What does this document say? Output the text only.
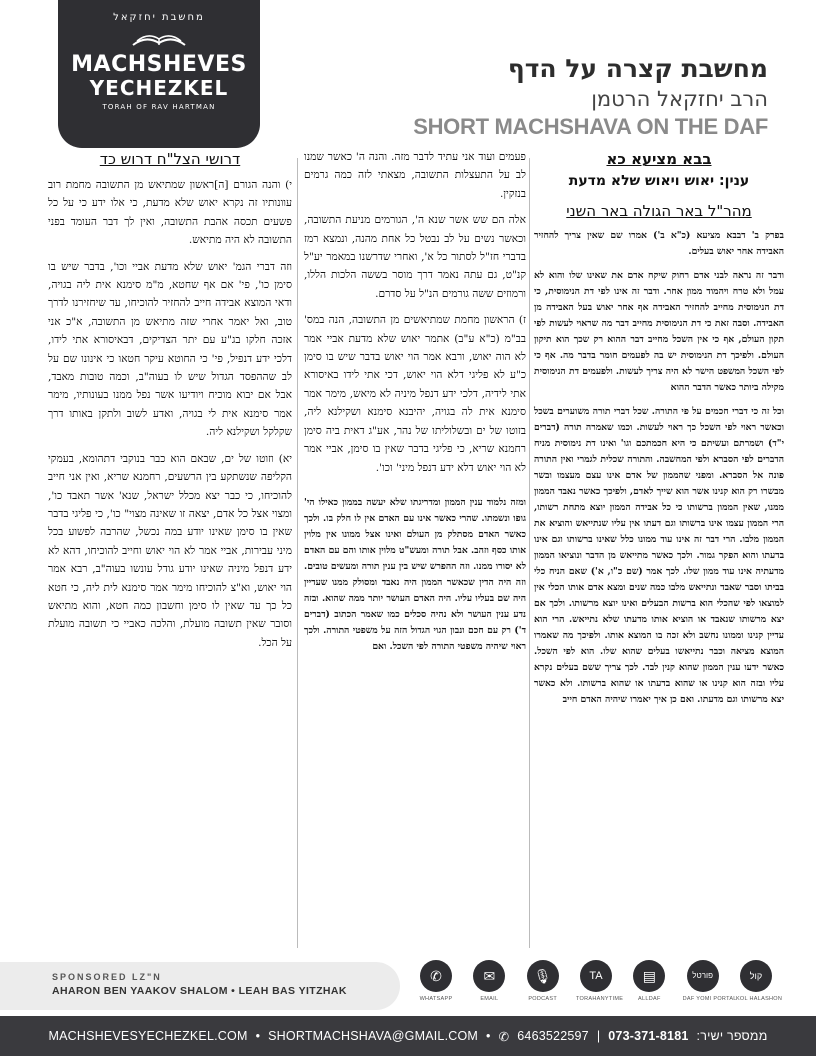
מחשבת יחזקאל
MACHSHEVES
YECHEZKEL
TORAH OF RAV HARTMAN
מחשבת קצרה על הדף
הרב יחזקאל הרטמן
SHORT MACHSHAVA ON THE DAF
בבא מציעא כא
ענין: יאוש ויאוש שלא מדעת
מהר"ל באר הגולה באר השני
בפרק ב' דבבא מציעא (כ"א ב') אמרו שם שאין צריך להחזיר האבידה אחר יאוש בעלים.
ודבר זה נראה לבני אדם רחוק שיקח אדם את שאינו שלו והוא לא עמל ולא טרח ויהמוד ממון אחר. ודבר זה אינו לפי דת הנימוסית, כי דת הנימוסית מחייב להחזיר האבידה אף אחר יאוש בעל האבידה מן האבידה. וסבה זאת כי דת הנימוסית מחייב דבר מה שראוי לעשות לפי תקון העולם, אף כי אין השכל מחייב דבר ההוא רק שכך הוא תיקון העולם. ולפיכך דת הנימוסית יש בה לפעמים חומר בדבר מה. אף כי לפי השכל המשפט הישר לא היה צריך לעשות. ולפעמים דת הנימוסית מקילה ביותר כאשר הדבר ההוא
וכל זה כי דברי חכמים על פי התורה. שכל דברי תורה משוערים בשכל וכאשר ראוי לפי השכל כך ראוי לעשות. וכמו שאמרה תורה (דברים י"ד) ושמרתם ועשיתם כי היא חכמתכם וגו' ואינו דת נימוסית מניח הדברים לפי הסברא ולפי המחשבה. והתורה שכלית לגמרי ואין התורה פונה אל הסברא. ומפני שהממון של אדם אינו עצם מעצמו ובשר מבשרו רק הוא קנינו אשר הוא שייך לאדם, ולפיכך כאשר נאבד הממון ממנו, שאין הממון ברשותו כי כל אבידה הממון יוצא מתחת רשותו, הרי הממון עצמו אינו ברשותו וגם דעתו אין עליו שנתייאש והוציא את הממון מלבו. הרי דבר זה אינו עוד ממונו כלל שאינו ברשותו וגם אינו בדעתו והוא הפקר גמור. ולכך כאשר מתייאש מן הדבר ונוציאו הממון מדעתיה אינו עוד ממון שלו. לכך אמר (שם כ"ו, א') שאם הניח כלי בביתו וסבר שאבד ונתייאש מלבו כמה שנים ומצא אדם אותו הכלי אין למוצאו לפי שהכלי הוא ברשות הבעלים ואינו יוצא מרשותו. ולכך אם יצא מרשותו שנאבד או הוציא אותו מדעתו שלא נתייאש. הרי הוא עדיין קנינו וממונו נחשב ולא זכה בו המוצא אותו. ולפיכך מה שאמרו המוצא מציאה וכבר נתייאשו בעלים שהוא שלו. הוא לפי השכל. כאשר ידעו ענין הממון שהוא קנין לבד. לכך צריך ששם בעלים נקרא עליו ובזה הוא קנינו או שהוא בדעתו או שהוא ברשותו. ולא כאשר יצא מרשותו וגם מדעתו. ואם כן איך יאמרו שיהיה האדם חייב
פעמים ועוד אני עתיד לדבר מזה. והנה ה' כאשר שמנו לב על התעצלות התשובה, מצאתי לזה כמה גרמים בנזקין.
אלה הם שש אשר שנא ה', הגורמים מניעת התשובה, וכאשר נשים על לב נבטל כל אחת מהנה, ונמצא רמז בדברי חז"ל לסתור כל א', ואחרי שדרשנו במאמר יע"ל קנ"ט, גם עתה נאמר דרך מוסר בששה הלכות הללו, ורמוזים ששה גורמים הנ"ל על סדרם.
ז) הראשון מחמת שמתיאשים מן התשובה, הנה במס' בב"מ (כ"א ע"ב) אתמר יאוש שלא מדעת אביי אמר לא הוה יאוש, ורבא אמר הוי יאוש בדבר שיש בו סימן כ"ע לא פליגי דלא הוי יאוש, דכי אתי לידו באיסורא אתי לידיה, דלכי ידע דנפל מיניה לא מיאש, מימר אמר סימנא אית לה בגויה, יהיבנא סימנא ושקילנא ליה, בזוטו של ים ובשלוליתו של נהר, אע"ג דאית ביה סימן רחמנא שריא, כי פליגי בדבר שאין בו סימן, אביי אמר לא הוי יאוש דלא ידע דנפל מיני' וכו'.
ומזה נלמוד ענין הממון ומדריגתו שלא יעשה בממון כאילו הי' גופו ונשמתו. שהרי כאשר אינו עם האדם אין לו חלק בו. ולכך כאשר האדם מסתלק מן העולם ואינו אצל ממונו אין מלוין אותו כסף וזהב. אבל תורה ומעש"ט מלוין אותו והם עם האדם לא יסורו ממנו. וזה ההפרש שיש בין ענין תורה ומעשים טובים. וזה היה הדין שכאשר הממון היה נאבד ומסולק ממנו שעדיין היה שם בעליו עליו. היה האדם העושר יותר ממה שהוא. ובזה נדע ענין העושר ולא נהיה סכלים כמו שאמר הכתוב (דברים ד') רק עם חכם ונבון הגוי הגדול הזה על משפטי התורה. ולכך ראוי שיהיה משפטי התורה לפי השכל. ואם
דרושי הצל"ח דרוש כד
י) והנה הגורם [ה]ראשון שמתיאש מן התשובה מחמת רוב עוונותיו זה נקרא יאוש שלא מדעת, כי אלו ידע כי על כל פשעים תכסה אהבת התשובה, ואין לך דבר העומד בפני התשובה לא היה מתיאש.
וזה דברי הגמ' יאוש שלא מדעת אביי וכו', בדבר שיש בו סימן כו', פי' אם אף שחטא, מ"מ סימנא אית ליה בגויה, ודאי המוצא אבידה חייב להחזיר להוכיחו, עד שיחזירנו לדרך טוב, ואל יאמר אחרי שזה מתיאש מן התשובה, א"כ אני אזכה חלקו בג"ע עם יתר הצדיקים, דבאיסורא אתי לידו, דלכי ידע דנפיל, פי' כי החוטא עיקר חטאו כי אינונו שם על לב שההפסד הגדול שיש לו בעוה"ב, וכמה טובות מאבד, אבל אם יבוא מוכיח ויודיעו אשר נפל ממנו בעונותיו, מימר אמר סימנא אית לי בגויה, ואדע לשוב ולתקן באותו דרך שקלקל ושקילנא ליה.
יא) וזוטו של ים, שבאם הוא כבר בנוקבי דתהומא, בעמקי הקליפה שנשתקע בין הרשעים, רחמנא שריא, ואין אני חייב להוכיחו, כי כבר יצא מכלל ישראל, שנא' אשר תאבד כו', ומצוי אצל כל אדם, יצאה זו שאינה מצוי" כו', כי פליגי בדבר שאין בו סימן שאינו יודע במה נכשל, שהרבה לפשוע בכל מיני עבירות, אביי אמר לא הוי יאוש וחייב להוכיחו, דהא לא ידע דנפל מיניה שאינו יודע גודל עונשו בעוה"ב, רבא אמר הוי יאוש, וא"צ להוכיחו מימר אמר סימנא לית ליה, כי חטא כל כך עד שאין לו סימן וחשבון כמה חטא, והוא מתיאש וסובר שאין תשובה מועלת, והלכה כאביי כי תשובה מועלת על הכל.
SPONSORED LZ"N
AHARON BEN YAAKOV SHALOM • LEAH BAS YITZHAK
✆
WHATSAPP
✉
EMAIL
🎙
PODCAST
TA
TORAHANYTIME
▤
ALLDAF
פורטל
DAF YOMI PORTAL
קול
KOL HALASHON
MACHSHEVESYECHEZKEL.COM • SHORTMACHSHAVA@GMAIL.COM • ✆ 6463522597 | 073-371-8181 ממספר ישיר:
